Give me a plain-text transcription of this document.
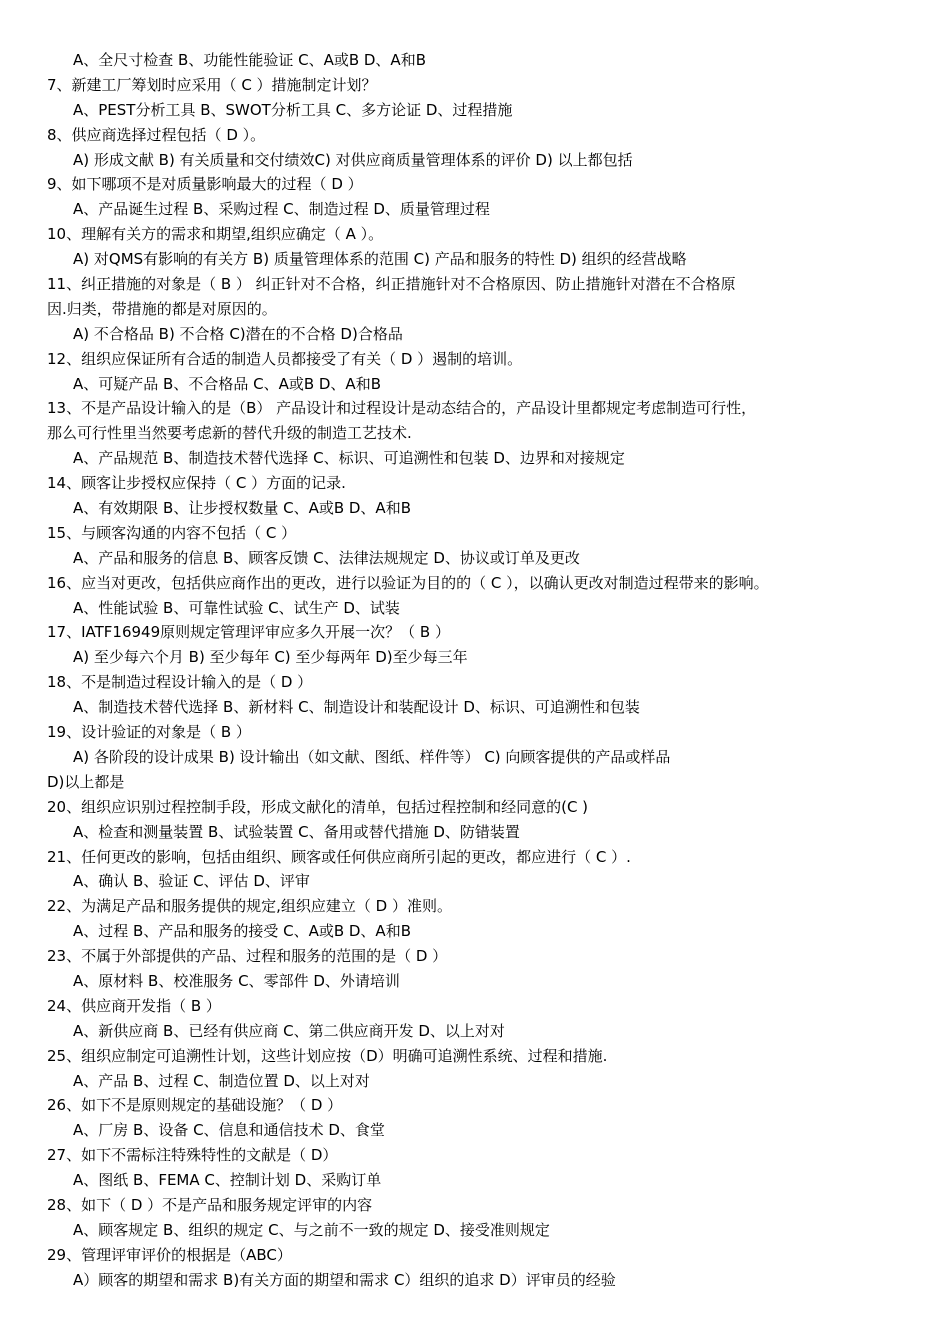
A、全尺寸检查 B、功能性能验证 C、A或B D、A和B
7、新建工厂筹划时应采用（ C ）措施制定计划？
A、PEST分析工具 B、SWOT分析工具 C、多方论证 D、过程措施
8、供应商选择过程包括（ D ）。
A) 形成文献 B) 有关质量和交付绩效C) 对供应商质量管理体系的评价 D) 以上都包括
9、如下哪项不是对质量影响最大的过程（ D ）
A、产品诞生过程 B、采购过程 C、制造过程 D、质量管理过程
10、理解有关方的需求和期望,组织应确定（ A ）。
A) 对QMS有影响的有关方 B) 质量管理体系的范围 C) 产品和服务的特性 D) 组织的经营战略
11、纠正措施的对象是（ B ） 纠正针对不合格，纠正措施针对不合格原因、防止措施针对潜在不合格原
因.归类，带措施的都是对原因的。
A) 不合格品 B) 不合格 C)潜在的不合格 D)合格品
12、组织应保证所有合适的制造人员都接受了有关（ D ）遏制的培训。
A、可疑产品 B、不合格品 C、A或B D、A和B
13、不是产品设计输入的是（B） 产品设计和过程设计是动态结合的，产品设计里都规定考虑制造可行性，
那么可行性里当然要考虑新的替代升级的制造工艺技术.
A、产品规范 B、制造技术替代选择 C、标识、可追溯性和包装 D、边界和对接规定
14、顾客让步授权应保持（ C ）方面的记录.
A、有效期限 B、让步授权数量 C、A或B D、A和B
15、与顾客沟通的内容不包括（ C ）
A、产品和服务的信息 B、顾客反馈 C、法律法规规定 D、协议或订单及更改
16、应当对更改，包括供应商作出的更改，进行以验证为目的的（ C ），以确认更改对制造过程带来的影响。
A、性能试验 B、可靠性试验 C、试生产 D、试装
17、IATF16949原则规定管理评审应多久开展一次？（ B ）
A) 至少每六个月 B) 至少每年 C) 至少每两年 D)至少每三年
18、不是制造过程设计输入的是（ D ）
A、制造技术替代选择 B、新材料 C、制造设计和装配设计 D、标识、可追溯性和包装
19、设计验证的对象是（ B ）
A) 各阶段的设计成果 B) 设计输出（如文献、图纸、样件等） C) 向顾客提供的产品或样品
D)以上都是
20、组织应识别过程控制手段，形成文献化的清单，包括过程控制和经同意的(C )
A、检查和测量装置 B、试验装置 C、备用或替代措施 D、防错装置
21、任何更改的影响，包括由组织、顾客或任何供应商所引起的更改，都应进行（ C ）.
A、确认 B、验证 C、评估 D、评审
22、为满足产品和服务提供的规定,组织应建立（ D ）准则。
A、过程 B、产品和服务的接受 C、A或B D、A和B
23、不属于外部提供的产品、过程和服务的范围的是（ D ）
A、原材料 B、校准服务 C、零部件 D、外请培训
24、供应商开发指（ B ）
A、新供应商 B、已经有供应商 C、第二供应商开发 D、以上对对
25、组织应制定可追溯性计划，这些计划应按（D）明确可追溯性系统、过程和措施.
A、产品 B、过程 C、制造位置 D、以上对对
26、如下不是原则规定的基础设施？（ D ）
A、厂房 B、设备 C、信息和通信技术 D、食堂
27、如下不需标注特殊特性的文献是（ D）
A、图纸 B、FEMA C、控制计划 D、采购订单
28、如下（ D ）不是产品和服务规定评审的内容
A、顾客规定 B、组织的规定 C、与之前不一致的规定 D、接受准则规定
29、管理评审评价的根据是（ABC）
A）顾客的期望和需求 B)有关方面的期望和需求 C）组织的追求 D）评审员的经验
